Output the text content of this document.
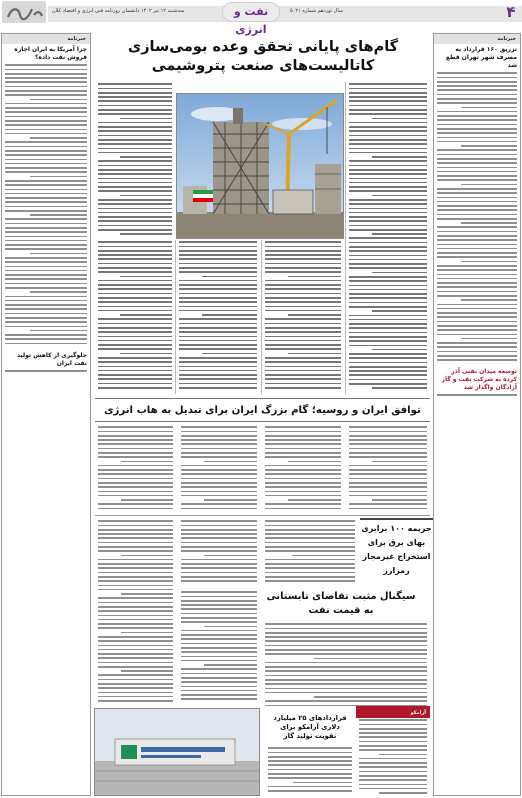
سه‌شنبه ۱۲ تیر ۱۴۰۲ دانشمان روزنامه فنی انرژی و اقتصاد کلان	نفت و انرژی
سال نوزدهم شماره ۵۰۲۱	۴
خبرنامه
تزریق ۱۶۰ قرارداد به مصرف شهر تهران قطع شد
توسعه میدان نفتی آذر کرده به شرکت نفت و گاز آزادگان واگذار شد
خبرنامه
چرا آمریکا به ایران اجازه فروش نفت داده؟
جلوگیری از کاهش تولید نفت ایران
گام‌های پایانی تحقق وعده بومی‌سازی
کاتالیست‌های صنعت پتروشیمی
توافق ایران و روسیه؛ گام بزرگ ایران برای تبدیل به هاب انرژی
جریمه ۱۰۰ برابری
بهای برق برای
استخراج غیرمجاز
رمزارز
سیگنال مثبت تقاضای تابستانی
به قیمت نفت
آرامکو
قراردادهای ۲۵ میلیارد
دلاری آرامکو برای
تقویت تولید گاز
